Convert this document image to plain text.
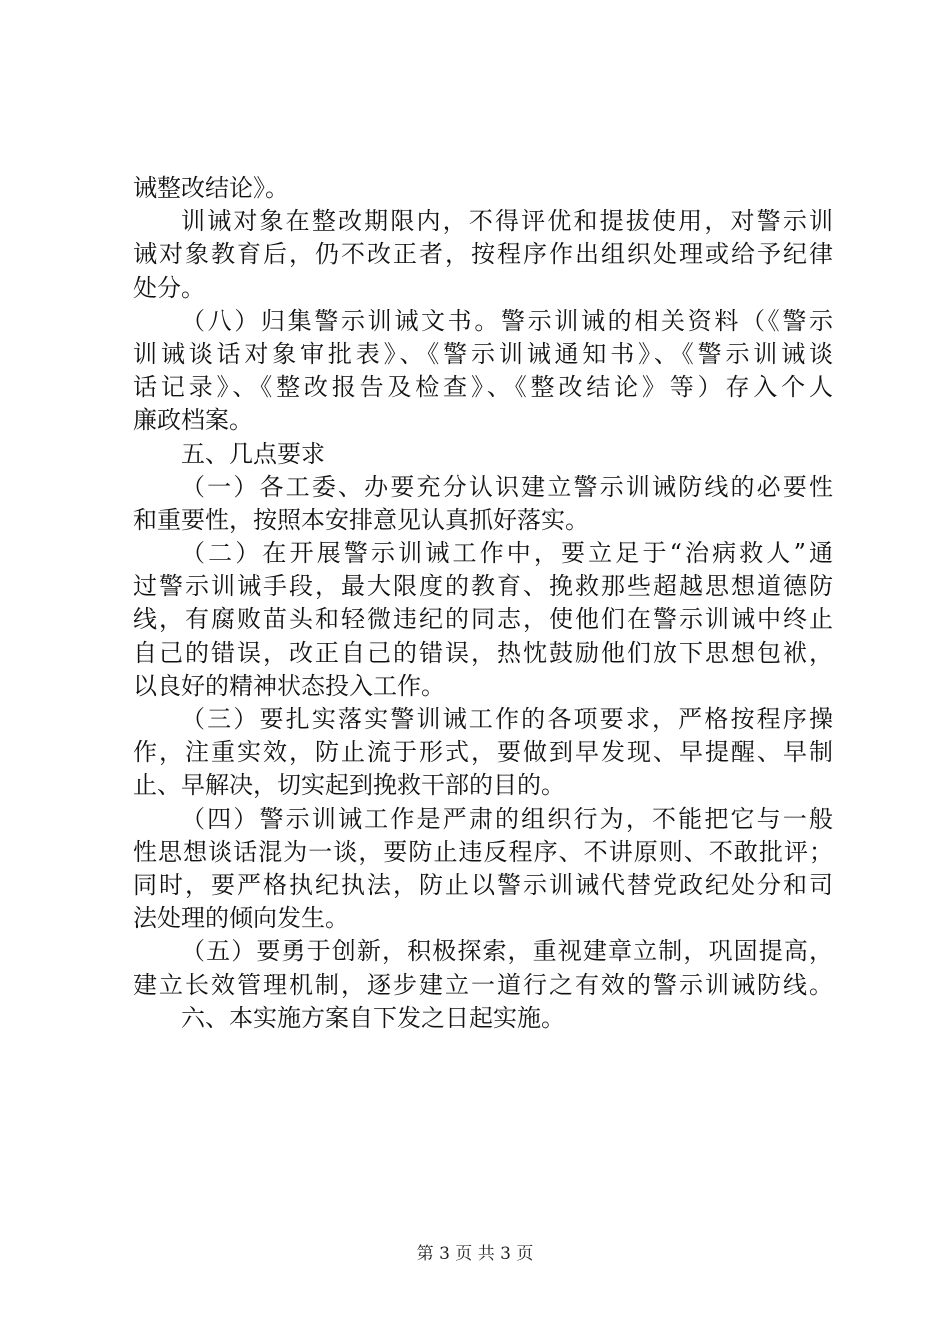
诫整改结论》。
训诫对象在整改期限内，不得评优和提拔使用，对警示训
诫对象教育后，仍不改正者，按程序作出组织处理或给予纪律
处分。
（八）归集警示训诫文书。警示训诫的相关资料（《警示
训诫谈话对象审批表》、《警示训诫通知书》、《警示训诫谈
话记录》、《整改报告及检查》、《整改结论》等）存入个人
廉政档案。
五、几点要求
（一）各工委、办要充分认识建立警示训诫防线的必要性
和重要性，按照本安排意见认真抓好落实。
（二）在开展警示训诫工作中，要立足于“治病救人”通
过警示训诫手段，最大限度的教育、挽救那些超越思想道德防
线，有腐败苗头和轻微违纪的同志，使他们在警示训诫中终止
自己的错误，改正自己的错误，热忱鼓励他们放下思想包袱，
以良好的精神状态投入工作。
（三）要扎实落实警训诫工作的各项要求，严格按程序操
作，注重实效，防止流于形式，要做到早发现、早提醒、早制
止、早解决，切实起到挽救干部的目的。
（四）警示训诫工作是严肃的组织行为，不能把它与一般
性思想谈话混为一谈，要防止违反程序、不讲原则、不敢批评；
同时，要严格执纪执法，防止以警示训诫代替党政纪处分和司
法处理的倾向发生。
（五）要勇于创新，积极探索，重视建章立制，巩固提高，
建立长效管理机制，逐步建立一道行之有效的警示训诫防线。
六、本实施方案自下发之日起实施。
第 3 页 共 3 页
